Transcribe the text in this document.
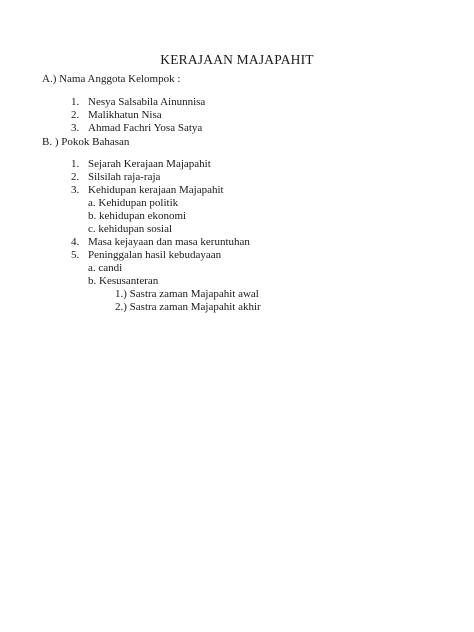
KERAJAAN MAJAPAHIT

A.) Nama Anggota Kelompok :

1. Nesya Salsabila Ainunnisa
2. Malikhatun Nisa
3. Ahmad Fachri Yosa Satya

B. ) Pokok Bahasan

1. Sejarah Kerajaan Majapahit
2. Silsilah raja-raja
3. Kehidupan kerajaan Majapahit
a. Kehidupan politik
b. kehidupan ekonomi
c. kehidupan sosial
4. Masa kejayaan dan masa keruntuhan
5. Peninggalan hasil kebudayaan
a. candi
b. Kesusanteran
1.) Sastra zaman Majapahit awal
2.) Sastra zaman Majapahit akhir
